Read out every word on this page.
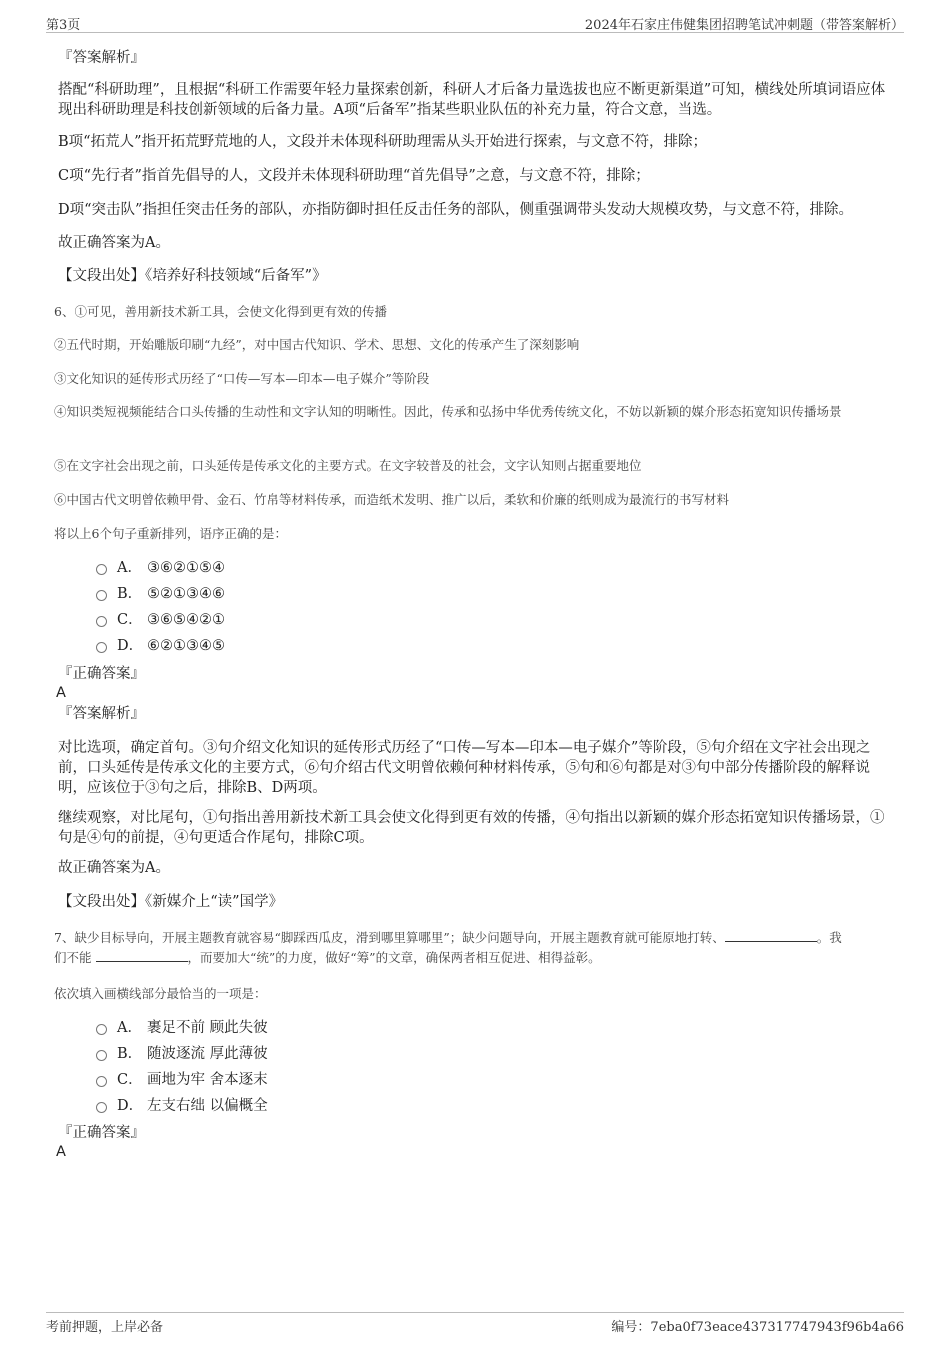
第3页	2024年石家庄伟健集团招聘笔试冲刺题（带答案解析）
『答案解析』
搭配“科研助理”，且根据“科研工作需要年轻力量探索创新，科研人才后备力量选拔也应不断更新渠道”可知，横线处所填词语应体现出科研助理是科技创新领域的后备力量。A项“后备军”指某些职业队伍的补充力量，符合文意，当选。
B项“拓荒人”指开拓荒野荒地的人，文段并未体现科研助理需从头开始进行探索，与文意不符，排除；
C项“先行者”指首先倡导的人，文段并未体现科研助理“首先倡导”之意，与文意不符，排除；
D项“突击队”指担任突击任务的部队，亦指防御时担任反击任务的部队，侧重强调带头发动大规模攻势，与文意不符，排除。
故正确答案为A。
【文段出处】《培养好科技领域“后备军”》
6、①可见，善用新技术新工具，会使文化得到更有效的传播
②五代时期，开始雕版印刷“九经”，对中国古代知识、学术、思想、文化的传承产生了深刻影响
③文化知识的延传形式历经了“口传—写本—印本—电子媒介”等阶段
④知识类短视频能结合口头传播的生动性和文字认知的明晰性。因此，传承和弘扬中华优秀传统文化，不妨以新颖的媒介形态拓宽知识传播场景
⑤在文字社会出现之前，口头延传是传承文化的主要方式。在文字较普及的社会，文字认知则占据重要地位
⑥中国古代文明曾依赖甲骨、金石、竹帛等材料传承，而造纸术发明、推广以后，柔软和价廉的纸则成为最流行的书写材料
将以上6个句子重新排列，语序正确的是：
A． ③⑥②①⑤④
B． ⑤②①③④⑥
C． ③⑥⑤④②①
D． ⑥②①③④⑤
『正确答案』
A
『答案解析』
对比选项，确定首句。③句介绍文化知识的延传形式历经了“口传—写本—印本—电子媒介”等阶段，⑤句介绍在文字社会出现之前，口头延传是传承文化的主要方式，⑥句介绍古代文明曾依赖何种材料传承，⑤句和⑥句都是对③句中部分传播阶段的解释说明，应该位于③句之后，排除B、D两项。
继续观察，对比尾句，①句指出善用新技术新工具会使文化得到更有效的传播，④句指出以新颖的媒介形态拓宽知识传播场景，①句是④句的前提，④句更适合作尾句，排除C项。
故正确答案为A。
【文段出处】《新媒介上“读”国学》
7、缺少目标导向，开展主题教育就容易“脚踩西瓜皮，滑到哪里算哪里”；缺少问题导向，开展主题教育就可能原地打转、	。我
们不能	，而要加大“统”的力度，做好“筹”的文章，确保两者相互促进、相得益彰。
依次填入画横线部分最恰当的一项是：
A． 裹足不前 顾此失彼
B． 随波逐流 厚此薄彼
C． 画地为牢 舍本逐末
D． 左支右绌 以偏概全
『正确答案』
A
考前押题，上岸必备	编号：7eba0f73eace437317747943f96b4a66
